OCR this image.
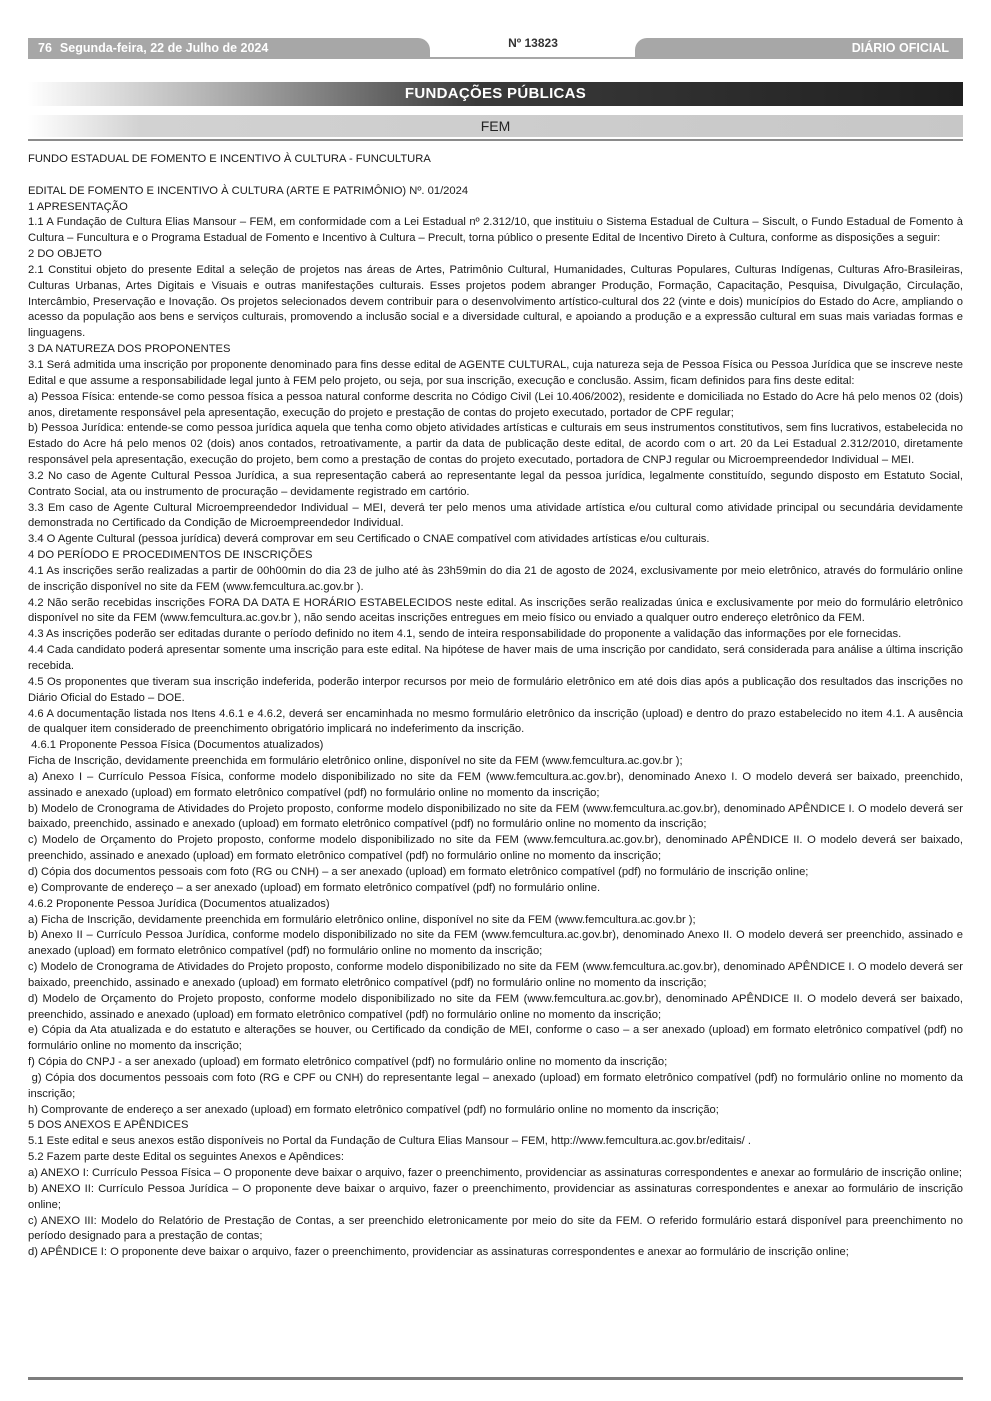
76 Segunda-feira, 22 de Julho de 2024	Nº 13823	DIÁRIO OFICIAL
FUNDAÇÕES PÚBLICAS
FEM

FUNDO ESTADUAL DE FOMENTO E INCENTIVO À CULTURA - FUNCULTURA

EDITAL DE FOMENTO E INCENTIVO À CULTURA (ARTE E PATRIMÔNIO) Nº. 01/2024

1 APRESENTAÇÃO

1.1 A Fundação de Cultura Elias Mansour – FEM, em conformidade com a Lei Estadual nº 2.312/10, que instituiu o Sistema Estadual de Cultura – Siscult, o Fundo Estadual de Fomento à Cultura – Funcultura e o Programa Estadual de Fomento e Incentivo à Cultura – Precult, torna público o presente Edital de Incentivo Direto à Cultura, conforme as disposições a seguir:

2 DO OBJETO

2.1 Constitui objeto do presente Edital a seleção de projetos nas áreas de Artes, Patrimônio Cultural, Humanidades, Culturas Populares, Culturas Indígenas, Culturas Afro-Brasileiras, Culturas Urbanas, Artes Digitais e Visuais e outras manifestações culturais. Esses projetos podem abranger Produção, Formação, Capacitação, Pesquisa, Divulgação, Circulação, Intercâmbio, Preservação e Inovação. Os projetos selecionados devem contribuir para o desenvolvimento artístico-cultural dos 22 (vinte e dois) municípios do Estado do Acre, ampliando o acesso da população aos bens e serviços culturais, promovendo a inclusão social e a diversidade cultural, e apoiando a produção e a expressão cultural em suas mais variadas formas e linguagens.

3 DA NATUREZA DOS PROPONENTES

3.1 Será admitida uma inscrição por proponente denominado para fins desse edital de AGENTE CULTURAL, cuja natureza seja de Pessoa Física ou Pessoa Jurídica que se inscreve neste Edital e que assume a responsabilidade legal junto à FEM pelo projeto, ou seja, por sua inscrição, execução e conclusão. Assim, ficam definidos para fins deste edital:

a) Pessoa Física: entende-se como pessoa física a pessoa natural conforme descrita no Código Civil (Lei 10.406/2002), residente e domiciliada no Estado do Acre há pelo menos 02 (dois) anos, diretamente responsável pela apresentação, execução do projeto e prestação de contas do projeto executado, portador de CPF regular;

b) Pessoa Jurídica: entende-se como pessoa jurídica aquela que tenha como objeto atividades artísticas e culturais em seus instrumentos constitutivos, sem fins lucrativos, estabelecida no Estado do Acre há pelo menos 02 (dois) anos contados, retroativamente, a partir da data de publicação deste edital, de acordo com o art. 20 da Lei Estadual 2.312/2010, diretamente responsável pela apresentação, execução do projeto, bem como a prestação de contas do projeto executado, portadora de CNPJ regular ou Microempreendedor Individual – MEI.

3.2 No caso de Agente Cultural Pessoa Jurídica, a sua representação caberá ao representante legal da pessoa jurídica, legalmente constituído, segundo disposto em Estatuto Social, Contrato Social, ata ou instrumento de procuração – devidamente registrado em cartório.

3.3 Em caso de Agente Cultural Microempreendedor Individual – MEI, deverá ter pelo menos uma atividade artística e/ou cultural como atividade principal ou secundária devidamente demonstrada no Certificado da Condição de Microempreendedor Individual.

3.4 O Agente Cultural (pessoa jurídica) deverá comprovar em seu Certificado o CNAE compatível com atividades artísticas e/ou culturais.

4 DO PERÍODO E PROCEDIMENTOS DE INSCRIÇÕES

4.1 As inscrições serão realizadas a partir de 00h00min do dia 23 de julho até às 23h59min do dia 21 de agosto de 2024, exclusivamente por meio eletrônico, através do formulário online de inscrição disponível no site da FEM (www.femcultura.ac.gov.br ).

4.2 Não serão recebidas inscrições FORA DA DATA E HORÁRIO ESTABELECIDOS neste edital. As inscrições serão realizadas única e exclusivamente por meio do formulário eletrônico disponível no site da FEM (www.femcultura.ac.gov.br ), não sendo aceitas inscrições entregues em meio físico ou enviado a qualquer outro endereço eletrônico da FEM.

4.3 As inscrições poderão ser editadas durante o período definido no item 4.1, sendo de inteira responsabilidade do proponente a validação das informações por ele fornecidas.

4.4 Cada candidato poderá apresentar somente uma inscrição para este edital. Na hipótese de haver mais de uma inscrição por candidato, será considerada para análise a última inscrição recebida.

4.5 Os proponentes que tiveram sua inscrição indeferida, poderão interpor recursos por meio de formulário eletrônico em até dois dias após a publicação dos resultados das inscrições no Diário Oficial do Estado – DOE.

4.6 A documentação listada nos Itens 4.6.1 e 4.6.2, deverá ser encaminhada no mesmo formulário eletrônico da inscrição (upload) e dentro do prazo estabelecido no item 4.1. A ausência de qualquer item considerado de preenchimento obrigatório implicará no indeferimento da inscrição.

4.6.1 Proponente Pessoa Física (Documentos atualizados)

Ficha de Inscrição, devidamente preenchida em formulário eletrônico online, disponível no site da FEM (www.femcultura.ac.gov.br );

a) Anexo I – Currículo Pessoa Física, conforme modelo disponibilizado no site da FEM (www.femcultura.ac.gov.br), denominado Anexo I. O modelo deverá ser baixado, preenchido, assinado e anexado (upload) em formato eletrônico compatível (pdf) no formulário online no momento da inscrição;

b) Modelo de Cronograma de Atividades do Projeto proposto, conforme modelo disponibilizado no site da FEM (www.femcultura.ac.gov.br), denominado APÊNDICE I. O modelo deverá ser baixado, preenchido, assinado e anexado (upload) em formato eletrônico compatível (pdf) no formulário online no momento da inscrição;

c) Modelo de Orçamento do Projeto proposto, conforme modelo disponibilizado no site da FEM (www.femcultura.ac.gov.br), denominado APÊNDICE II. O modelo deverá ser baixado, preenchido, assinado e anexado (upload) em formato eletrônico compatível (pdf) no formulário online no momento da inscrição;

d) Cópia dos documentos pessoais com foto (RG ou CNH) – a ser anexado (upload) em formato eletrônico compatível (pdf) no formulário de inscrição online;

e) Comprovante de endereço – a ser anexado (upload) em formato eletrônico compatível (pdf) no formulário online.

4.6.2 Proponente Pessoa Jurídica (Documentos atualizados)

a) Ficha de Inscrição, devidamente preenchida em formulário eletrônico online, disponível no site da FEM (www.femcultura.ac.gov.br );

b) Anexo II – Currículo Pessoa Jurídica, conforme modelo disponibilizado no site da FEM (www.femcultura.ac.gov.br), denominado Anexo II. O modelo deverá ser preenchido, assinado e anexado (upload) em formato eletrônico compatível (pdf) no formulário online no momento da inscrição;

c) Modelo de Cronograma de Atividades do Projeto proposto, conforme modelo disponibilizado no site da FEM (www.femcultura.ac.gov.br), denominado APÊNDICE I. O modelo deverá ser baixado, preenchido, assinado e anexado (upload) em formato eletrônico compatível (pdf) no formulário online no momento da inscrição;

d) Modelo de Orçamento do Projeto proposto, conforme modelo disponibilizado no site da FEM (www.femcultura.ac.gov.br), denominado APÊNDICE II. O modelo deverá ser baixado, preenchido, assinado e anexado (upload) em formato eletrônico compatível (pdf) no formulário online no momento da inscrição;

e) Cópia da Ata atualizada e do estatuto e alterações se houver, ou Certificado da condição de MEI, conforme o caso – a ser anexado (upload) em formato eletrônico compatível (pdf) no formulário online no momento da inscrição;

f) Cópia do CNPJ - a ser anexado (upload) em formato eletrônico compatível (pdf) no formulário online no momento da inscrição;

g) Cópia dos documentos pessoais com foto (RG e CPF ou CNH) do representante legal – anexado (upload) em formato eletrônico compatível (pdf) no formulário online no momento da inscrição;

h) Comprovante de endereço a ser anexado (upload) em formato eletrônico compatível (pdf) no formulário online no momento da inscrição;

5 DOS ANEXOS E APÊNDICES

5.1 Este edital e seus anexos estão disponíveis no Portal da Fundação de Cultura Elias Mansour – FEM, http://www.femcultura.ac.gov.br/editais/ .

5.2 Fazem parte deste Edital os seguintes Anexos e Apêndices:

a) ANEXO I: Currículo Pessoa Física – O proponente deve baixar o arquivo, fazer o preenchimento, providenciar as assinaturas correspondentes e anexar ao formulário de inscrição online;

b) ANEXO II: Currículo Pessoa Jurídica – O proponente deve baixar o arquivo, fazer o preenchimento, providenciar as assinaturas correspondentes e anexar ao formulário de inscrição online;

c) ANEXO III: Modelo do Relatório de Prestação de Contas, a ser preenchido eletronicamente por meio do site da FEM. O referido formulário estará disponível para preenchimento no período designado para a prestação de contas;

d) APÊNDICE I: O proponente deve baixar o arquivo, fazer o preenchimento, providenciar as assinaturas correspondentes e anexar ao formulário de inscrição online;
